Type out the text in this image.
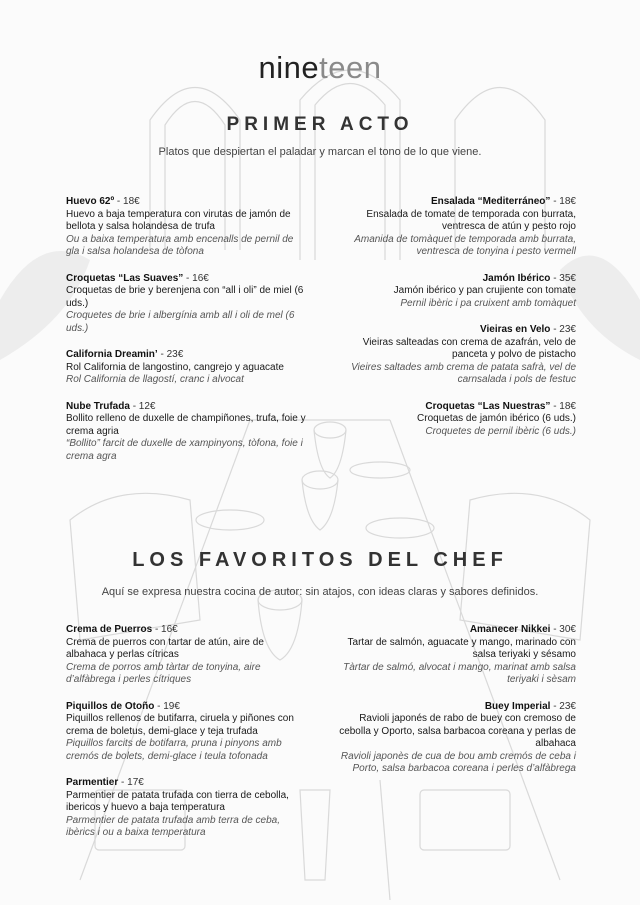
nineteen
PRIMER ACTO
Platos que despiertan el paladar y marcan el tono de lo que viene.
Huevo 62º - 18€
Huevo a baja temperatura con virutas de jamón de bellota y salsa holandesa de trufa
Ou a baixa temperatura amb encenalls de pernil de gla i salsa holandesa de tòfona
Croquetas “Las Suaves” - 16€
Croquetas de brie y berenjena con “all i oli” de miel (6 uds.)
Croquetes de brie i albergínia amb all i oli de mel (6 uds.)
California Dreamin’ - 23€
Rol California de langostino, cangrejo y aguacate
Rol California de llagostí, cranc i alvocat
Nube Trufada - 12€
Bollito relleno de duxelle de champiñones, trufa, foie y crema agria
“Bollito” farcit de duxelle de xampinyons, tòfona, foie i crema agra
Ensalada “Mediterráneo” - 18€
Ensalada de tomate de temporada con burrata, ventresca de atún y pesto rojo
Amanida de tomàquet de temporada amb burrata, ventresca de tonyina i pesto vermell
Jamón Ibérico - 35€
Jamón ibérico y pan crujiente con tomate
Pernil ibèric i pa cruixent amb tomàquet
Vieiras en Velo - 23€
Vieiras salteadas con crema de azafrán, velo de panceta y polvo de pistacho
Vieires saltades amb crema de patata safrà, vel de carnsalada i pols de festuc
Croquetas “Las Nuestras” - 18€
Croquetas de jamón ibérico (6 uds.)
Croquetes de pernil ibèric (6 uds.)
LOS FAVORITOS DEL CHEF
Aquí se expresa nuestra cocina de autor: sin atajos, con ideas claras y sabores definidos.
Crema de Puerros - 16€
Crema de puerros con tartar de atún, aire de albahaca y perlas cítricas
Crema de porros amb tàrtar de tonyina, aire d’alfàbrega i perles cítriques
Piquillos de Otoño - 19€
Piquillos rellenos de butifarra, ciruela y piñones con crema de boletus, demi-glace y teja trufada
Piquillos farcits de botifarra, pruna i pinyons amb cremós de bolets, demi-glace i teula tofonada
Parmentier - 17€
Parmentier de patata trufada con tierra de cebolla, ibericos y huevo a baja temperatura
Parmentier de patata trufada amb terra de ceba, ibèrics i ou a baixa temperatura
Amanecer Nikkei - 30€
Tartar de salmón, aguacate y mango, marinado con salsa teriyaki y sésamo
Tàrtar de salmó, alvocat i mango, marinat amb salsa teriyaki i sèsam
Buey Imperial - 23€
Ravioli japonés de rabo de buey con cremoso de cebolla y Oporto, salsa barbacoa coreana y perlas de albahaca
Ravioli japonès de cua de bou amb cremós de ceba i Porto, salsa barbacoa coreana i perles d’alfàbrega
